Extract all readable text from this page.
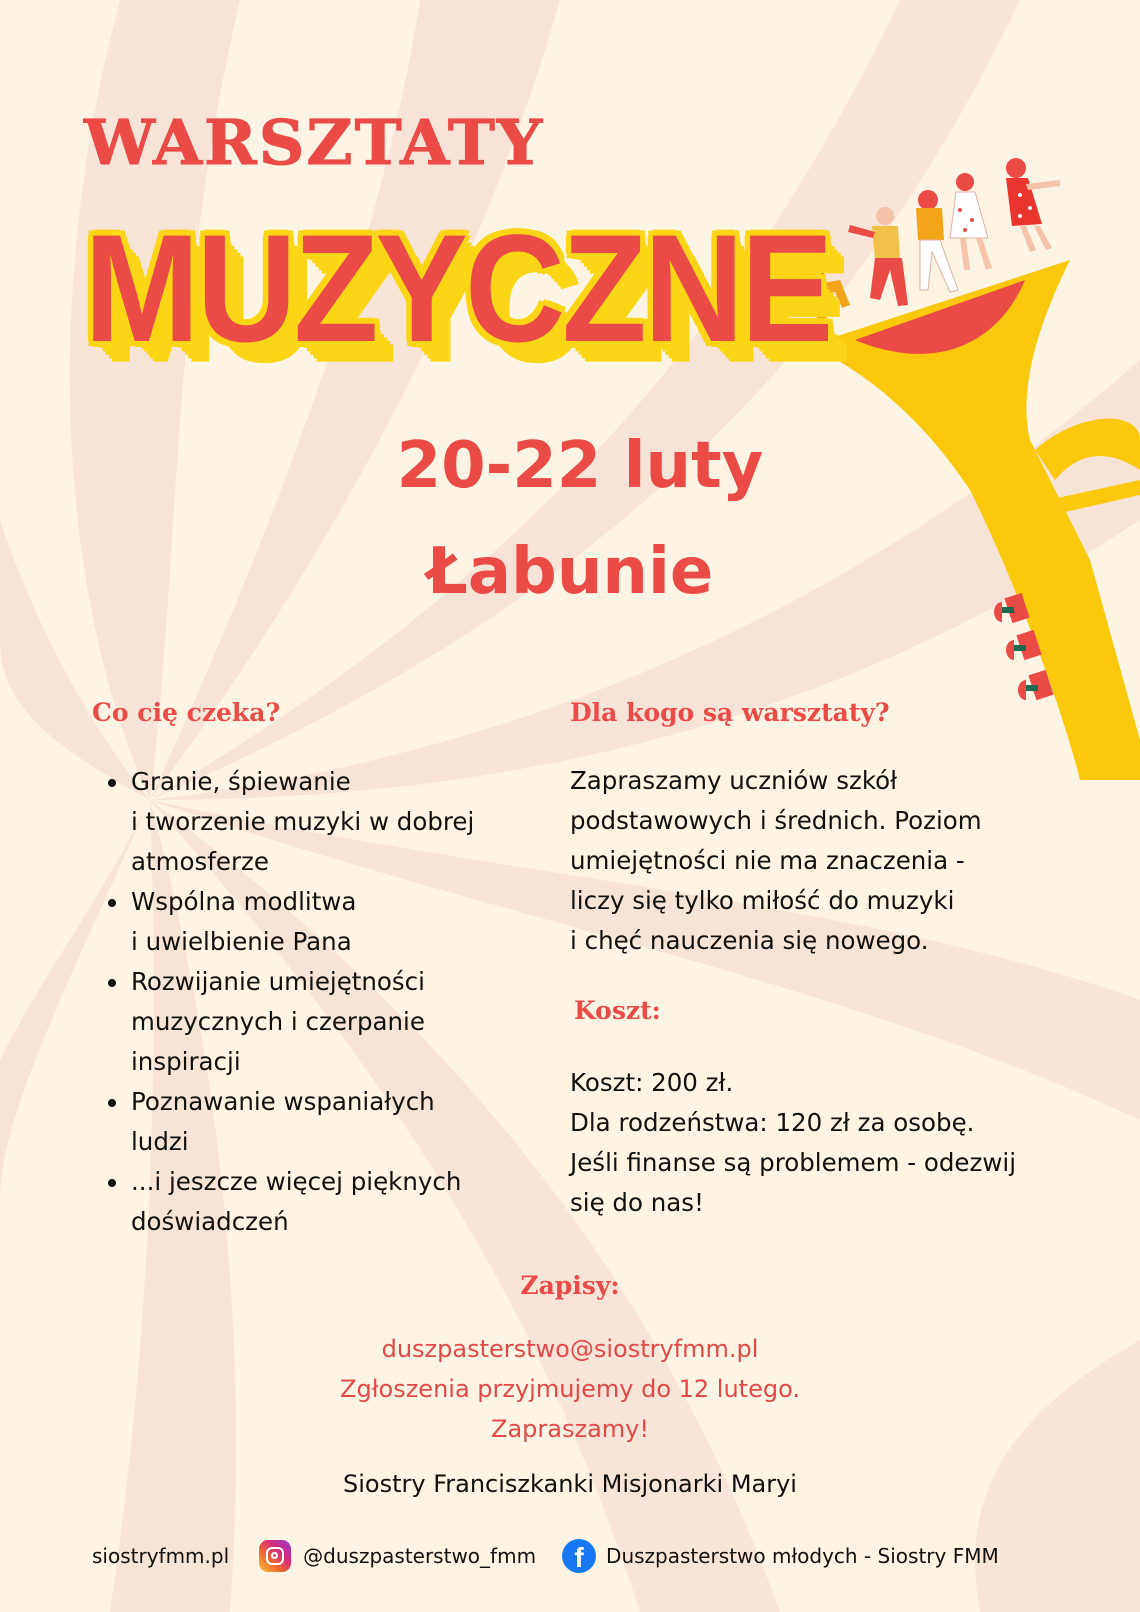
WARSZTATY
MUZYCZNE
20-22 luty
Łabunie
Co cię czeka?
Granie, śpiewanie
i tworzenie muzyki w dobrej
atmosferze
Wspólna modlitwa
i uwielbienie Pana
Rozwijanie umiejętności
muzycznych i czerpanie
inspiracji
Poznawanie wspaniałych
ludzi
...i jeszcze więcej pięknych
doświadczeń
Dla kogo są warsztaty?
Zapraszamy uczniów szkół
podstawowych i średnich. Poziom
umiejętności nie ma znaczenia -
liczy się tylko miłość do muzyki
i chęć nauczenia się nowego.
Koszt:
Koszt: 200 zł.
Dla rodzeństwa: 120 zł za osobę.
Jeśli finanse są problemem - odezwij
się do nas!
Zapisy:
duszpasterstwo@siostryfmm.pl
Zgłoszenia przyjmujemy do 12 lutego.
Zapraszamy!
Siostry Franciszkanki Misjonarki Maryi
siostryfmm.pl	@duszpasterstwo_fmm	f	Duszpasterstwo młodych - Siostry FMM
